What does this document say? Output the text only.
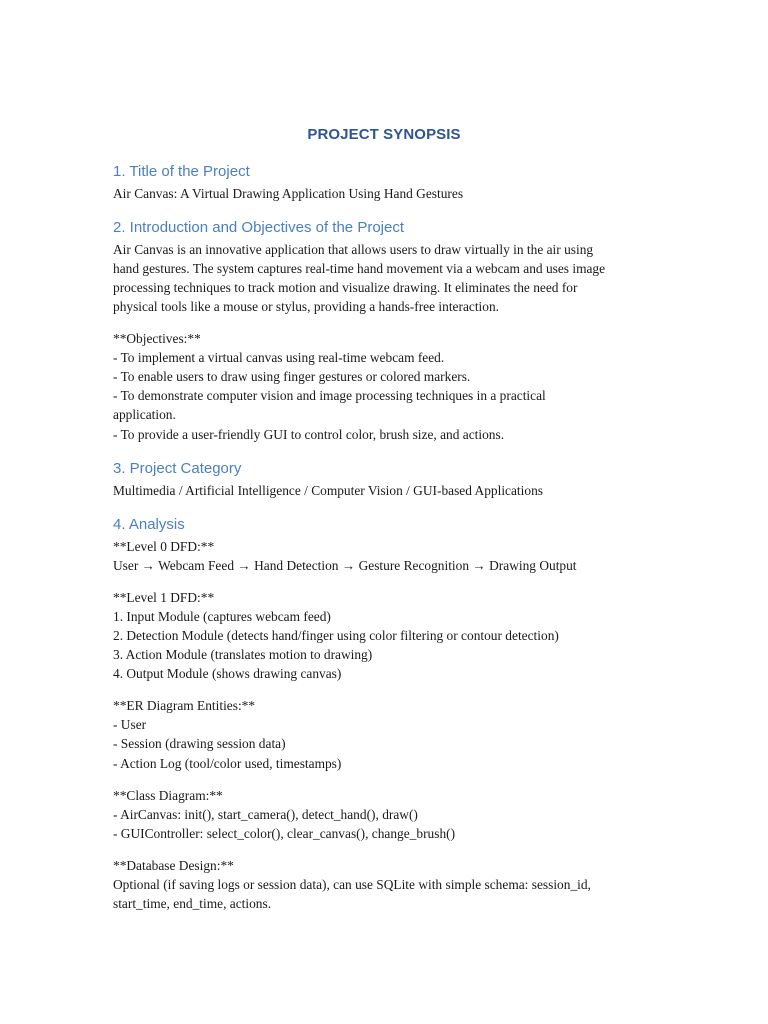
PROJECT SYNOPSIS
1. Title of the Project
Air Canvas: A Virtual Drawing Application Using Hand Gestures
2. Introduction and Objectives of the Project
Air Canvas is an innovative application that allows users to draw virtually in the air using
hand gestures. The system captures real-time hand movement via a webcam and uses image
processing techniques to track motion and visualize drawing. It eliminates the need for
physical tools like a mouse or stylus, providing a hands-free interaction.
**Objectives:**
- To implement a virtual canvas using real-time webcam feed.
- To enable users to draw using finger gestures or colored markers.
- To demonstrate computer vision and image processing techniques in a practical
application.
- To provide a user-friendly GUI to control color, brush size, and actions.
3. Project Category
Multimedia / Artificial Intelligence / Computer Vision / GUI-based Applications
4. Analysis
**Level 0 DFD:**
User → Webcam Feed → Hand Detection → Gesture Recognition → Drawing Output
**Level 1 DFD:**
1. Input Module (captures webcam feed)
2. Detection Module (detects hand/finger using color filtering or contour detection)
3. Action Module (translates motion to drawing)
4. Output Module (shows drawing canvas)
**ER Diagram Entities:**
- User
- Session (drawing session data)
- Action Log (tool/color used, timestamps)
**Class Diagram:**
- AirCanvas: init(), start_camera(), detect_hand(), draw()
- GUIController: select_color(), clear_canvas(), change_brush()
**Database Design:**
Optional (if saving logs or session data), can use SQLite with simple schema: session_id,
start_time, end_time, actions.
